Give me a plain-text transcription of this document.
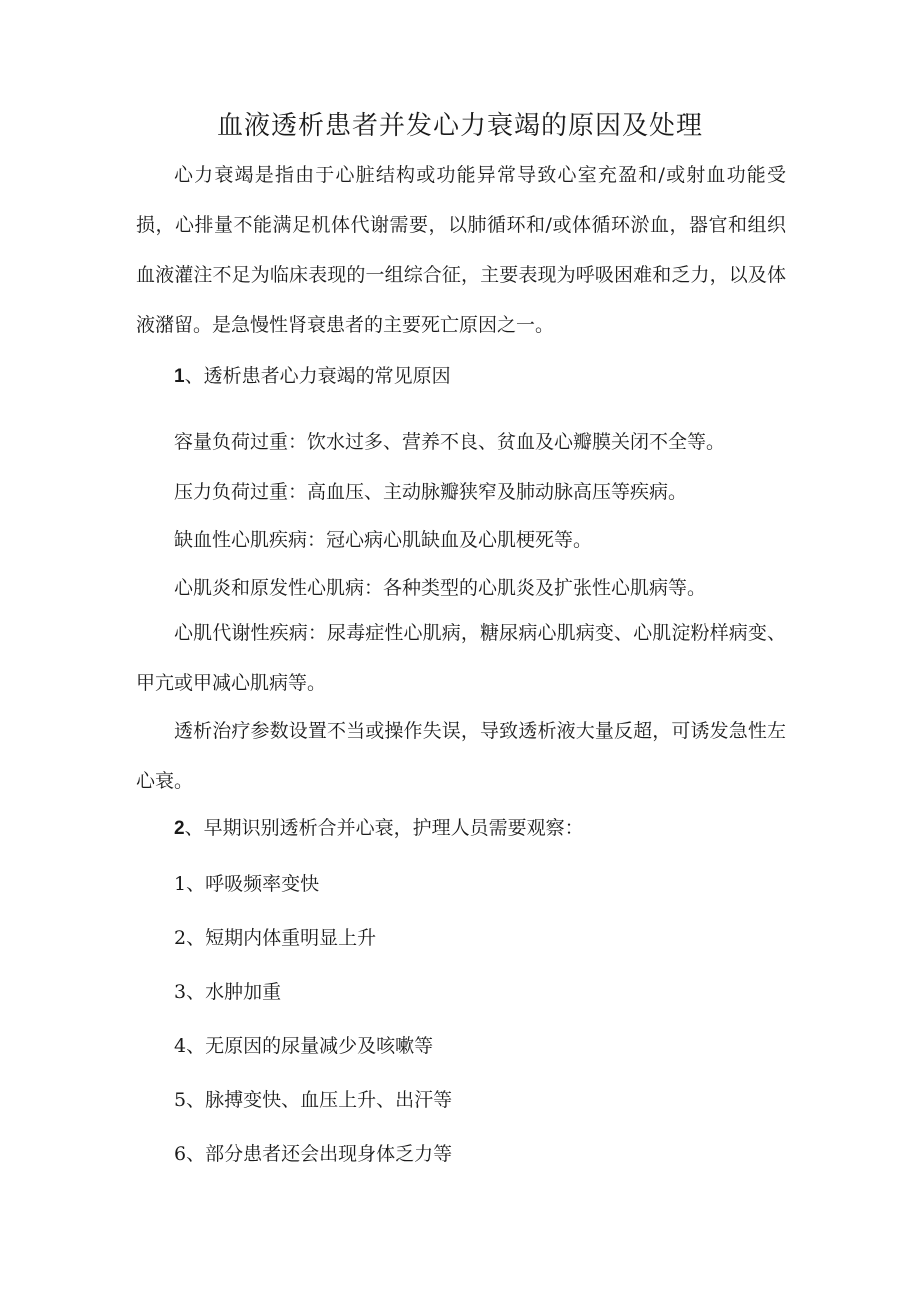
血液透析患者并发心力衰竭的原因及处理

心力衰竭是指由于心脏结构或功能异常导致心室充盈和/或射血功能受损，心排量不能满足机体代谢需要，以肺循环和/或体循环淤血，器官和组织血液灌注不足为临床表现的一组综合征，主要表现为呼吸困难和乏力，以及体液潴留。是急慢性肾衰患者的主要死亡原因之一。

1、透析患者心力衰竭的常见原因
容量负荷过重：饮水过多、营养不良、贫血及心瓣膜关闭不全等。
压力负荷过重：高血压、主动脉瓣狭窄及肺动脉高压等疾病。
缺血性心肌疾病：冠心病心肌缺血及心肌梗死等。
心肌炎和原发性心肌病：各种类型的心肌炎及扩张性心肌病等。

心肌代谢性疾病：尿毒症性心肌病，糖尿病心肌病变、心肌淀粉样病变、甲亢或甲减心肌病等。

透析治疗参数设置不当或操作失误，导致透析液大量反超，可诱发急性左心衰。

2、早期识别透析合并心衰，护理人员需要观察：
1、呼吸频率变快
2、短期内体重明显上升
3、水肿加重
4、无原因的尿量减少及咳嗽等
5、脉搏变快、血压上升、出汗等
6、部分患者还会出现身体乏力等
